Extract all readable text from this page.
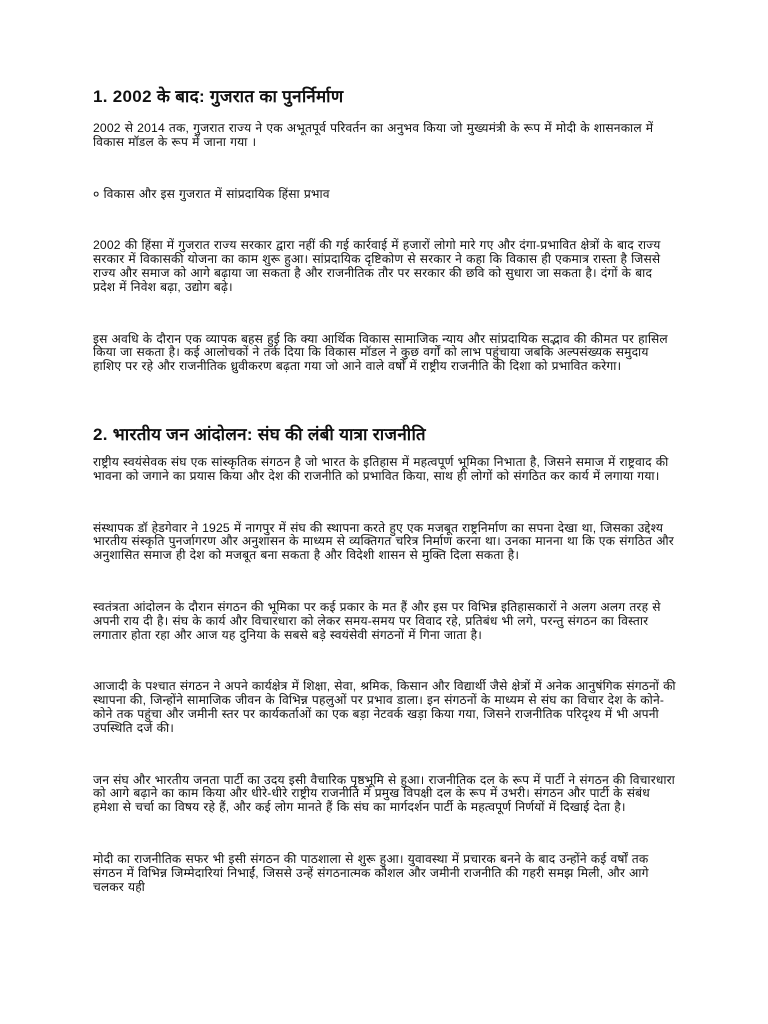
1. 2002 के बाद: गुजरात का पुनर्निर्माण

2002 से 2014 तक, गुजरात राज्य ने एक अभूतपूर्व परिवर्तन का अनुभव किया जो मुख्यमंत्री के रूप में मोदी के शासनकाल में विकास मॉडल के रूप में जाना गया ।

० विकास और इस गुजरात में सांप्रदायिक हिंसा प्रभाव

2002 की हिंसा में गुजरात राज्य सरकार द्वारा नहीं की गई कार्रवाई में हजारों लोगो मारे गए और दंगा-प्रभावित क्षेत्रों के बाद राज्य सरकार में विकासकी योजना का काम शुरू हुआ। सांप्रदायिक दृष्टिकोण से सरकार ने कहा कि विकास ही एकमात्र रास्ता है जिससे राज्य और समाज को आगे बढ़ाया जा सकता है और राजनीतिक तौर पर सरकार की छवि को सुधारा जा सकता है। दंगों के बाद प्रदेश में निवेश बढ़ा, उद्योग बढ़े।

इस अवधि के दौरान एक व्यापक बहस हुई कि क्या आर्थिक विकास सामाजिक न्याय और सांप्रदायिक सद्भाव की कीमत पर हासिल किया जा सकता है। कई आलोचकों ने तर्क दिया कि विकास मॉडल ने कुछ वर्गों को लाभ पहुंचाया जबकि अल्पसंख्यक समुदाय हाशिए पर रहे और राजनीतिक ध्रुवीकरण बढ़ता गया जो आने वाले वर्षों में राष्ट्रीय राजनीति की दिशा को प्रभावित करेगा।

2. भारतीय जन आंदोलन: संघ की लंबी यात्रा राजनीति

राष्ट्रीय स्वयंसेवक संघ एक सांस्कृतिक संगठन है जो भारत के इतिहास में महत्वपूर्ण भूमिका निभाता है, जिसने समाज में राष्ट्रवाद की भावना को जगाने का प्रयास किया और देश की राजनीति को प्रभावित किया, साथ ही लोगों को संगठित कर कार्य में लगाया गया।

संस्थापक डॉ हेडगेवार ने 1925 में नागपुर में संघ की स्थापना करते हुए एक मजबूत राष्ट्रनिर्माण का सपना देखा था, जिसका उद्देश्य भारतीय संस्कृति पुनर्जागरण और अनुशासन के माध्यम से व्यक्तिगत चरित्र निर्माण करना था। उनका मानना था कि एक संगठित और अनुशासित समाज ही देश को मजबूत बना सकता है और विदेशी शासन से मुक्ति दिला सकता है।

स्वतंत्रता आंदोलन के दौरान संगठन की भूमिका पर कई प्रकार के मत हैं और इस पर विभिन्न इतिहासकारों ने अलग अलग तरह से अपनी राय दी है। संघ के कार्य और विचारधारा को लेकर समय-समय पर विवाद रहे, प्रतिबंध भी लगे, परन्तु संगठन का विस्तार लगातार होता रहा और आज यह दुनिया के सबसे बड़े स्वयंसेवी संगठनों में गिना जाता है।

आजादी के पश्चात संगठन ने अपने कार्यक्षेत्र में शिक्षा, सेवा, श्रमिक, किसान और विद्यार्थी जैसे क्षेत्रों में अनेक आनुषंगिक संगठनों की स्थापना की, जिन्होंने सामाजिक जीवन के विभिन्न पहलुओं पर प्रभाव डाला। इन संगठनों के माध्यम से संघ का विचार देश के कोने-कोने तक पहुंचा और जमीनी स्तर पर कार्यकर्ताओं का एक बड़ा नेटवर्क खड़ा किया गया, जिसने राजनीतिक परिदृश्य में भी अपनी उपस्थिति दर्ज की।

जन संघ और भारतीय जनता पार्टी का उदय इसी वैचारिक पृष्ठभूमि से हुआ। राजनीतिक दल के रूप में पार्टी ने संगठन की विचारधारा को आगे बढ़ाने का काम किया और धीरे-धीरे राष्ट्रीय राजनीति में प्रमुख विपक्षी दल के रूप में उभरी। संगठन और पार्टी के संबंध हमेशा से चर्चा का विषय रहे हैं, और कई लोग मानते हैं कि संघ का मार्गदर्शन पार्टी के महत्वपूर्ण निर्णयों में दिखाई देता है।

मोदी का राजनीतिक सफर भी इसी संगठन की पाठशाला से शुरू हुआ। युवावस्था में प्रचारक बनने के बाद उन्होंने कई वर्षों तक संगठन में विभिन्न जिम्मेदारियां निभाईं, जिससे उन्हें संगठनात्मक कौशल और जमीनी राजनीति की गहरी समझ मिली, और आगे चलकर यही
